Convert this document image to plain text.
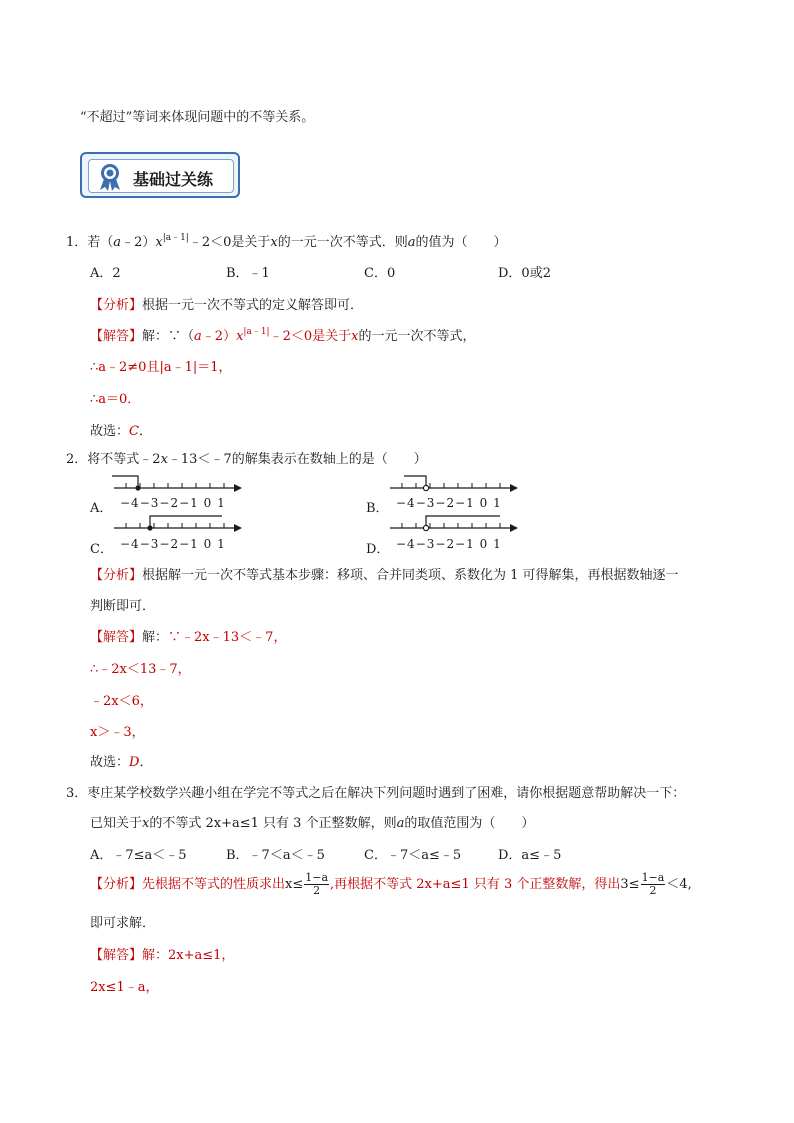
“不超过”等词来体现问题中的不等关系。
基础过关练
1．若$(a﹣2)x^{|a﹣1|}﹣2<0$是关于x的一元一次不等式．则a的值为（　　）
A．2	B．﹣1	C．0	D．0或2
【分析】根据一元一次不等式的定义解答即可．
【解答】解：$\because(a﹣2)x^{|a﹣1|}﹣2<0$是关于x的一元一次不等式，
∴a﹣2≠0且|a﹣1|＝1，
∴a＝0．
故选：C．
2．将不等式﹣2x﹣13＜﹣7的解集表示在数轴上的是（　　）
A． −4−3−2−1 0 1	B． −4−3−2−1 0 1
C． −4−3−2−1 0 1	D． −4−3−2−1 0 1
【分析】根据解一元一次不等式基本步骤：移项、合并同类项、系数化为 1 可得解集，再根据数轴逐一
判断即可．
【解答】解：∵﹣2x﹣13＜﹣7，
∴﹣2x＜13﹣7，
﹣2x＜6，
x＞﹣3，
故选：D．
3．枣庄某学校数学兴趣小组在学完不等式之后在解决下列问题时遇到了困难，请你根据题意帮助解决一下：
已知关于x的不等式 2x+a≤1 只有 3 个正整数解，则a的取值范围为（　　）
A．﹣7≤a＜﹣5	B．﹣7＜a＜﹣5	C．﹣7＜a≤﹣5	D．a≤﹣5
【分析】先根据不等式的性质求出$x\le \frac{1-a}{2}$ ,再根据不等式 2x+a≤1 只有 3 个正整数解，得出$3\le \frac{1-a}{2} <4$,
即可求解．
【解答】解：2x+a≤1，
2x≤1﹣a，
